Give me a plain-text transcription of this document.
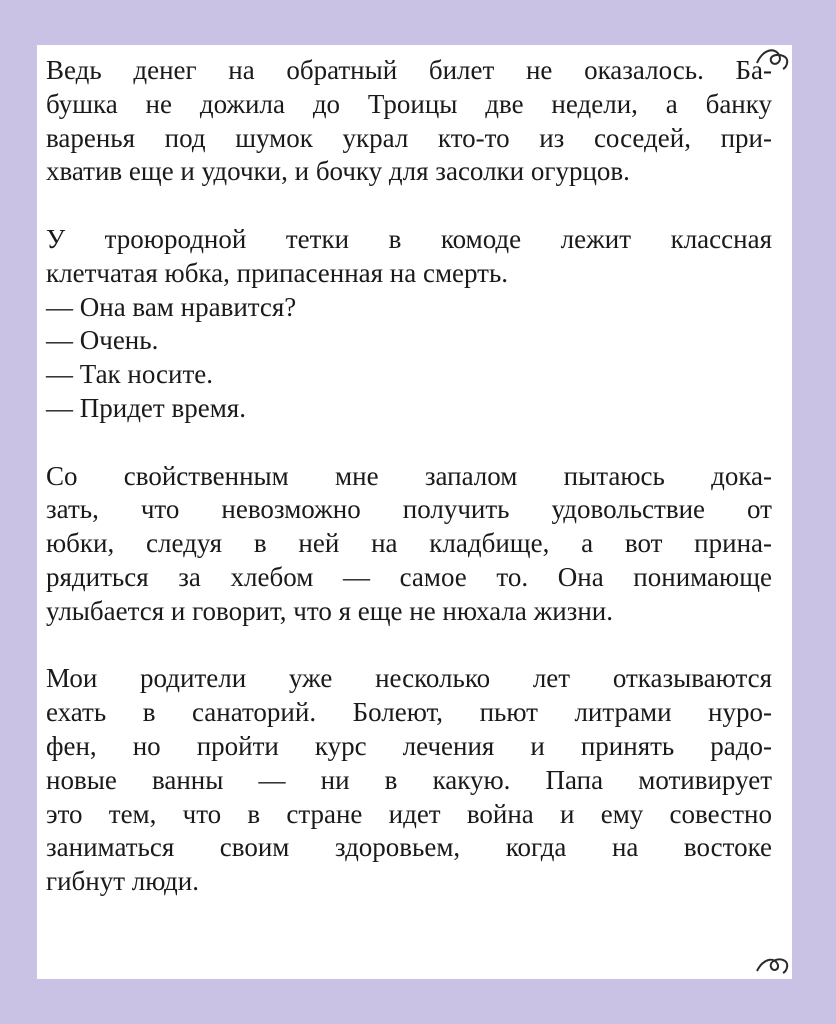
Ведь денег на обратный билет не оказалось. Ба-
бушка не дожила до Троицы две недели, а банку
варенья под шумок украл кто-то из соседей, при-
хватив еще и удочки, и бочку для засолки огурцов.

У троюродной тетки в комоде лежит классная
клетчатая юбка, припасенная на смерть.
— Она вам нравится?
— Очень.
— Так носите.
— Придет время.

Со свойственным мне запалом пытаюсь дока-
зать, что невозможно получить удовольствие от
юбки, следуя в ней на кладбище, а вот прина-
рядиться за хлебом — самое то. Она понимающе
улыбается и говорит, что я еще не нюхала жизни.

Мои родители уже несколько лет отказываются
ехать в санаторий. Болеют, пьют литрами нуро-
фен, но пройти курс лечения и принять радо-
новые ванны — ни в какую. Папа мотивирует
это тем, что в стране идет война и ему совестно
заниматься своим здоровьем, когда на востоке
гибнут люди.
